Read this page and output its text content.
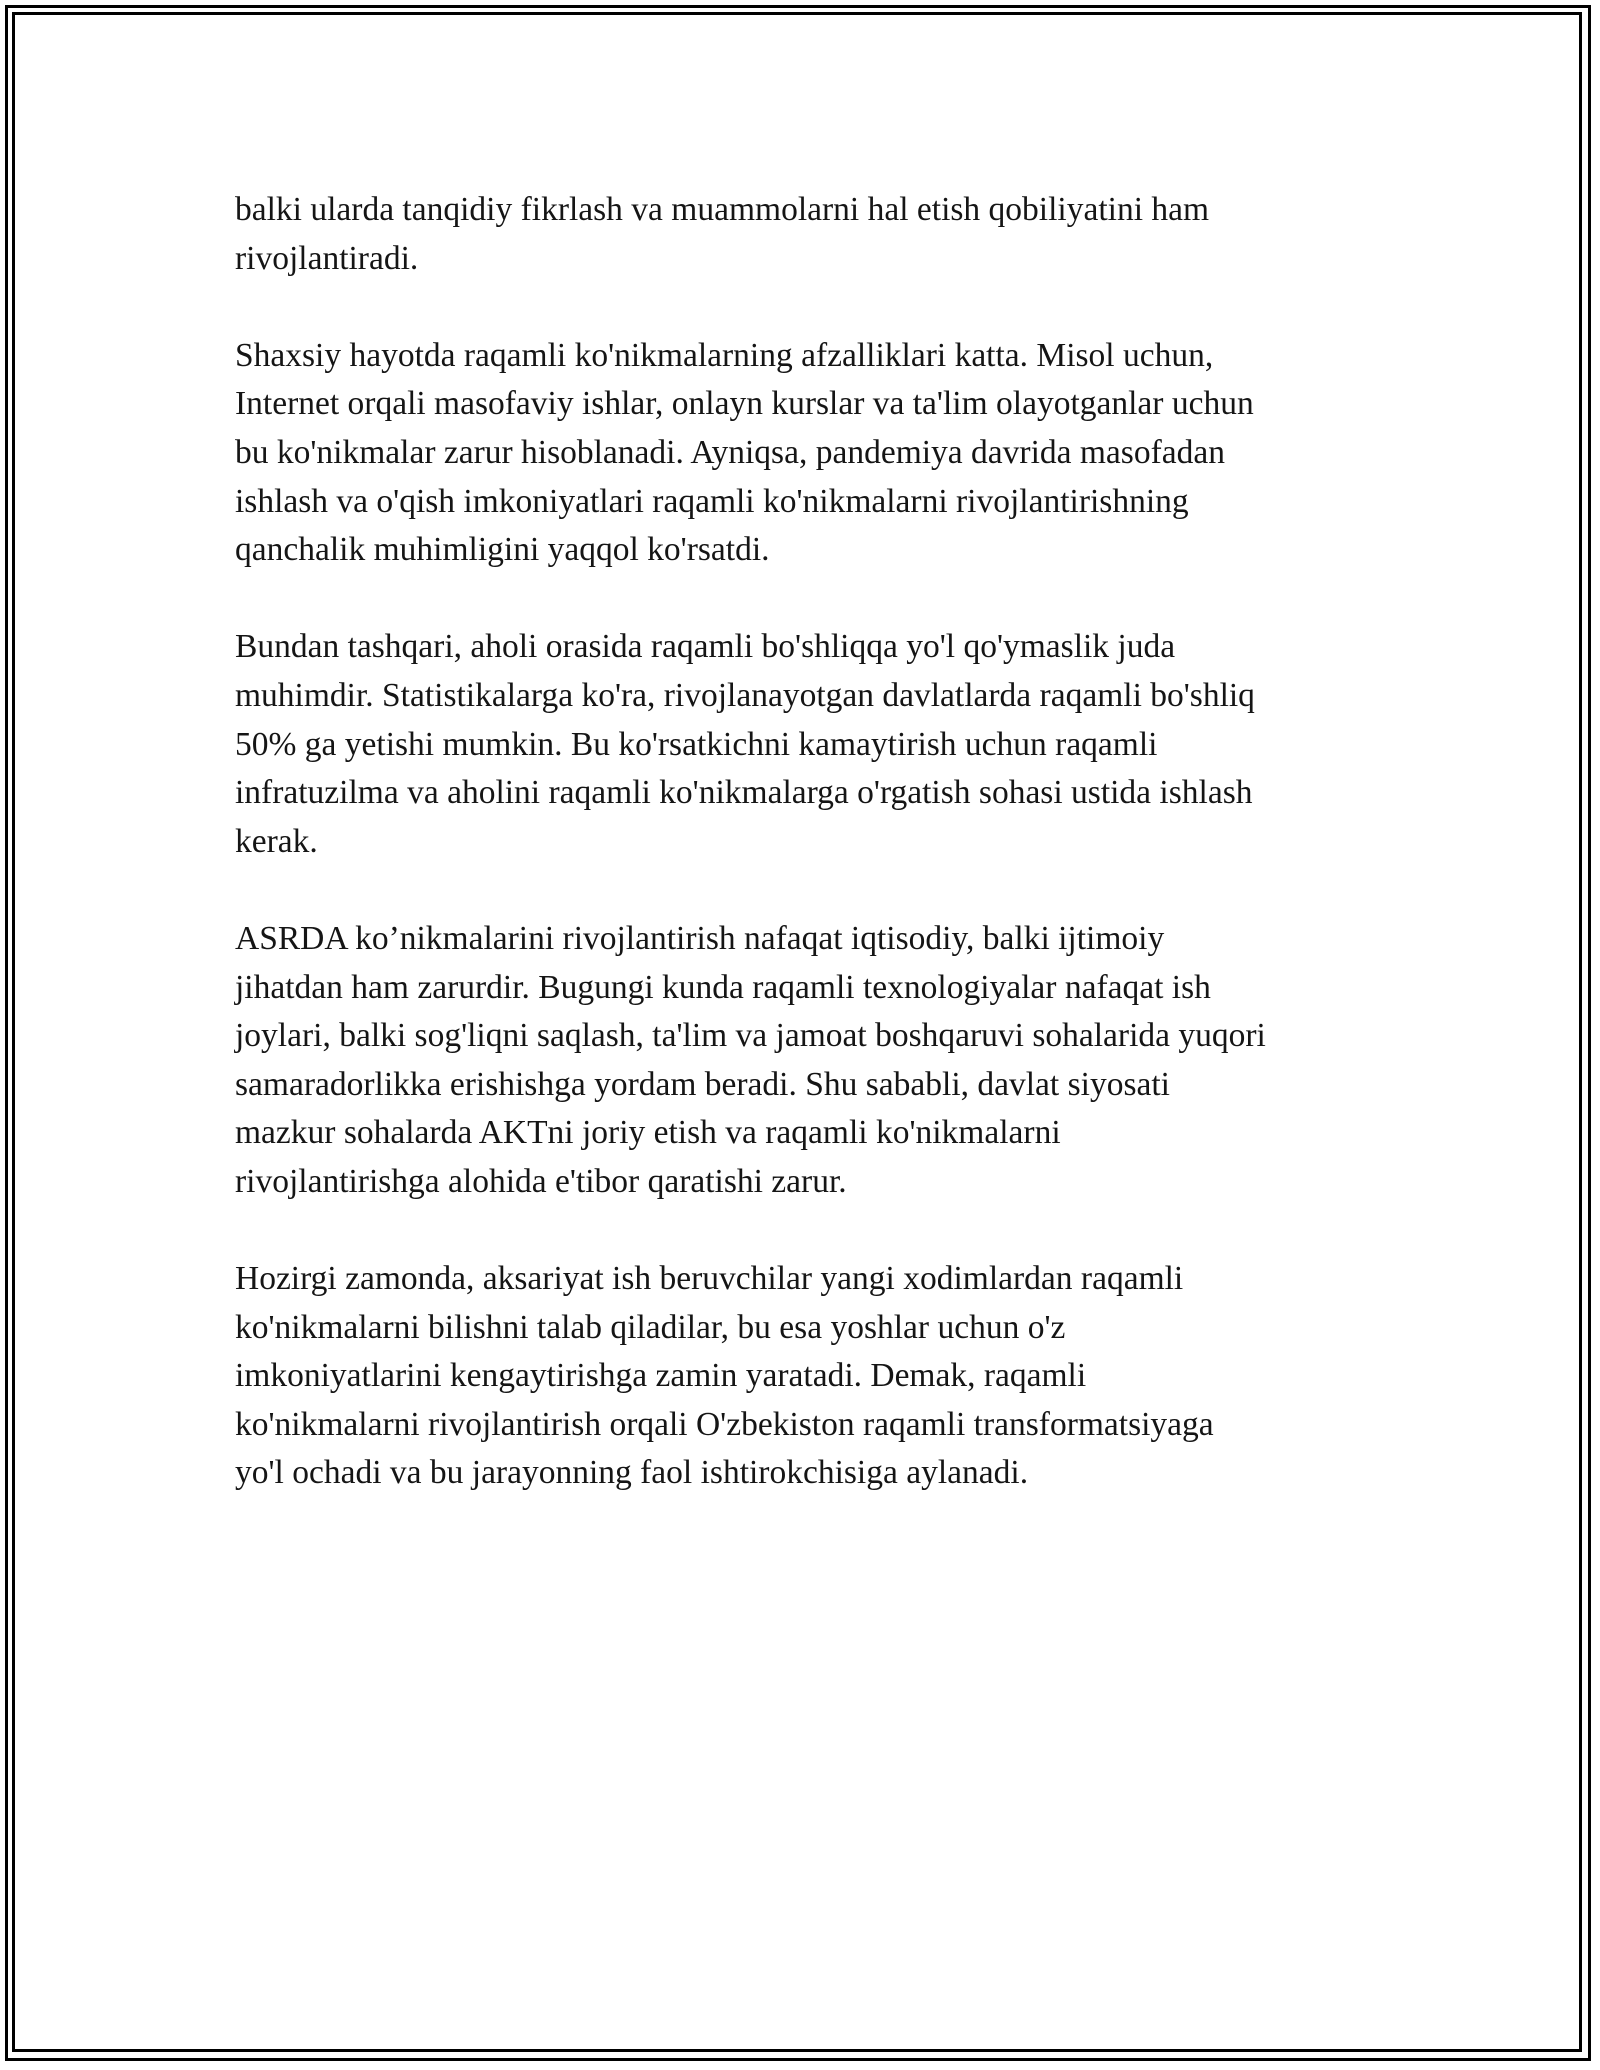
balki ularda tanqidiy fikrlash va muammolarni hal etish qobiliyatini ham
rivojlantiradi.

Shaxsiy hayotda raqamli ko'nikmalarning afzalliklari katta. Misol uchun,
Internet orqali masofaviy ishlar, onlayn kurslar va ta'lim olayotganlar uchun
bu ko'nikmalar zarur hisoblanadi. Ayniqsa, pandemiya davrida masofadan
ishlash va o'qish imkoniyatlari raqamli ko'nikmalarni rivojlantirishning
qanchalik muhimligini yaqqol ko'rsatdi.

Bundan tashqari, aholi orasida raqamli bo'shliqqa yo'l qo'ymaslik juda
muhimdir. Statistikalarga ko'ra, rivojlanayotgan davlatlarda raqamli bo'shliq
50% ga yetishi mumkin. Bu ko'rsatkichni kamaytirish uchun raqamli
infratuzilma va aholini raqamli ko'nikmalarga o'rgatish sohasi ustida ishlash
kerak.

ASRDA ko’nikmalarini rivojlantirish nafaqat iqtisodiy, balki ijtimoiy
jihatdan ham zarurdir. Bugungi kunda raqamli texnologiyalar nafaqat ish
joylari, balki sog'liqni saqlash, ta'lim va jamoat boshqaruvi sohalarida yuqori
samaradorlikka erishishga yordam beradi. Shu sababli, davlat siyosati
mazkur sohalarda AKTni joriy etish va raqamli ko'nikmalarni
rivojlantirishga alohida e'tibor qaratishi zarur.

Hozirgi zamonda, aksariyat ish beruvchilar yangi xodimlardan raqamli
ko'nikmalarni bilishni talab qiladilar, bu esa yoshlar uchun o'z
imkoniyatlarini kengaytirishga zamin yaratadi. Demak, raqamli
ko'nikmalarni rivojlantirish orqali O'zbekiston raqamli transformatsiyaga
yo'l ochadi va bu jarayonning faol ishtirokchisiga aylanadi.
